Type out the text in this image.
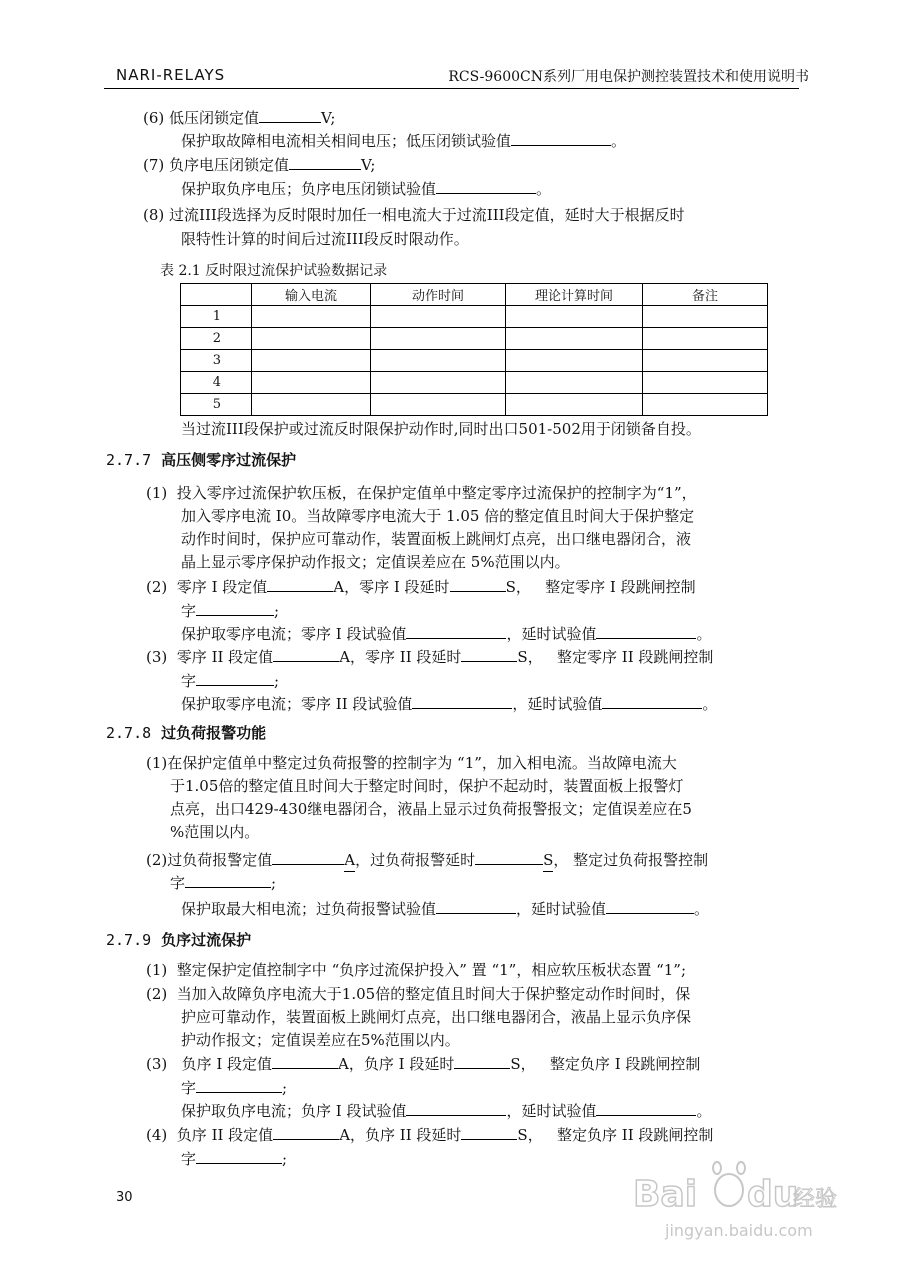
NARI-RELAYS	RCS-9600CN系列厂用电保护测控装置技术和使用说明书
(6) 低压闭锁定值	V;
保护取故障相电流相关相间电压；低压闭锁试验值	。
(7) 负序电压闭锁定值	V;
保护取负序电压；负序电压闭锁试验值	。
(8) 过流III段选择为反时限时加任一相电流大于过流III段定值，延时大于根据反时
限特性计算的时间后过流III段反时限动作。
表 2.1 反时限过流保护试验数据记录
	输入电流	动作时间	理论计算时间	备注
1				
2				
3				
4				
5				
当过流III段保护或过流反时限保护动作时,同时出口501-502用于闭锁备自投。
2.7.7 高压侧零序过流保护
(1) 投入零序过流保护软压板，在保护定值单中整定零序过流保护的控制字为“1”，
加入零序电流 I0。当故障零序电流大于 1.05 倍的整定值且时间大于保护整定
动作时间时，保护应可靠动作，装置面板上跳闸灯点亮，出口继电器闭合，液
晶上显示零序保护动作报文；定值误差应在 5%范围以内。
(2) 零序 I 段定值	A，零序 I 段延时	S， 整定零序 I 段跳闸控制
字	;
保护取零序电流；零序 I 段试验值	，延时试验值	。
(3) 零序 II 段定值	A，零序 II 段延时	S， 整定零序 II 段跳闸控制
字	;
保护取零序电流；零序 II 段试验值	，延时试验值	。
2.7.8 过负荷报警功能
(1)在保护定值单中整定过负荷报警的控制字为 “1”，加入相电流。当故障电流大
于1.05倍的整定值且时间大于整定时间时，保护不起动时，装置面板上报警灯
点亮，出口429-430继电器闭合，液晶上显示过负荷报警报文；定值误差应在5
%范围以内。
(2)过负荷报警定值	A，过负荷报警延时	S， 整定过负荷报警控制
字	;
保护取最大相电流；过负荷报警试验值	，延时试验值	。
2.7.9 负序过流保护
(1) 整定保护定值控制字中 “负序过流保护投入” 置 “1”，相应软压板状态置 “1”;
(2) 当加入故障负序电流大于1.05倍的整定值且时间大于保护整定动作时间时，保
护应可靠动作，装置面板上跳闸灯点亮，出口继电器闭合，液晶上显示负序保
护动作报文；定值误差应在5%范围以内。
(3) 负序 I 段定值	A，负序 I 段延时	S， 整定负序 I 段跳闸控制
字	;
保护取负序电流；负序 I 段试验值	，延时试验值	。
(4) 负序 II 段定值	A，负序 II 段延时	S， 整定负序 II 段跳闸控制
字	;
30	Bai du
经验
jingyan.baidu.com
